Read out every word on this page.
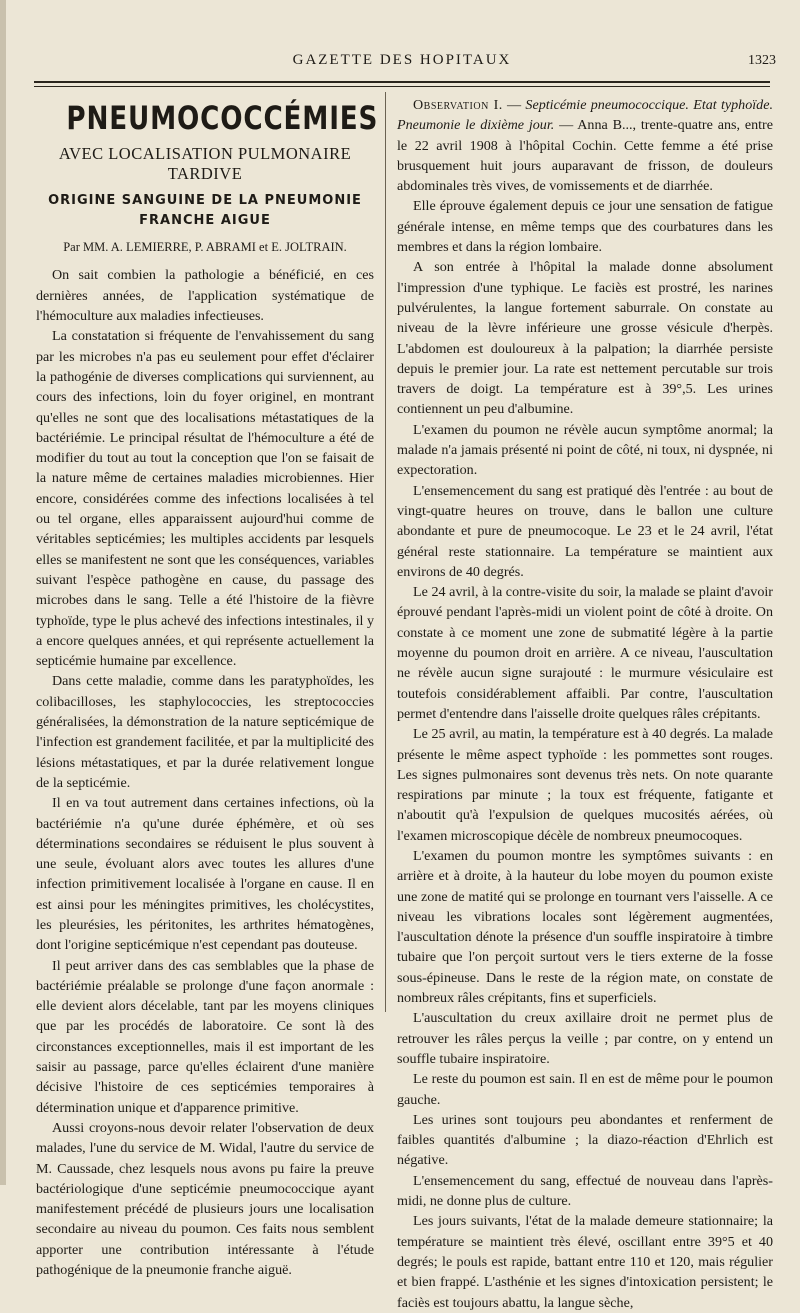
GAZETTE DES HOPITAUX	1323
PNEUMOCOCCÉMIES
AVEC LOCALISATION PULMONAIRE TARDIVE
ORIGINE SANGUINE DE LA PNEUMONIE FRANCHE AIGUE
Par MM. A. LEMIERRE, P. ABRAMI et E. JOLTRAIN.

On sait combien la pathologie a bénéficié, en ces dernières années, de l'application systématique de l'hémoculture aux maladies infectieuses.

La constatation si fréquente de l'envahissement du sang par les microbes n'a pas eu seulement pour effet d'éclairer la pathogénie de diverses complications qui surviennent, au cours des infections, loin du foyer originel, en montrant qu'elles ne sont que des localisations métastatiques de la bactériémie. Le principal résultat de l'hémoculture a été de modifier du tout au tout la conception que l'on se faisait de la nature même de certaines maladies microbiennes. Hier encore, considérées comme des infections localisées à tel ou tel organe, elles apparaissent aujourd'hui comme de véritables septicémies; les multiples accidents par lesquels elles se manifestent ne sont que les conséquences, variables suivant l'espèce pathogène en cause, du passage des microbes dans le sang. Telle a été l'histoire de la fièvre typhoïde, type le plus achevé des infections intestinales, il y a encore quelques années, et qui représente actuellement la septicémie humaine par excellence.

Dans cette maladie, comme dans les paratyphoïdes, les colibacilloses, les staphylococcies, les streptococcies généralisées, la démonstration de la nature septicémique de l'infection est grandement facilitée, et par la multiplicité des lésions métastatiques, et par la durée relativement longue de la septicémie.

Il en va tout autrement dans certaines infections, où la bactériémie n'a qu'une durée éphémère, et où ses déterminations secondaires se réduisent le plus souvent à une seule, évoluant alors avec toutes les allures d'une infection primitivement localisée à l'organe en cause. Il en est ainsi pour les méningites primitives, les cholécystites, les pleurésies, les péritonites, les arthrites hématogènes, dont l'origine septicémique n'est cependant pas douteuse.

Il peut arriver dans des cas semblables que la phase de bactériémie préalable se prolonge d'une façon anormale : elle devient alors décelable, tant par les moyens cliniques que par les procédés de laboratoire. Ce sont là des circonstances exceptionnelles, mais il est important de les saisir au passage, parce qu'elles éclairent d'une manière décisive l'histoire de ces septicémies temporaires à détermination unique et d'apparence primitive.

Aussi croyons-nous devoir relater l'observation de deux malades, l'une du service de M. Widal, l'autre du service de M. Caussade, chez lesquels nous avons pu faire la preuve bactériologique d'une septicémie pneumococcique ayant manifestement précédé de plusieurs jours une localisation secondaire au niveau du poumon. Ces faits nous semblent apporter une contribution intéressante à l'étude pathogénique de la pneumonie franche aiguë.

Observation I. — Septicémie pneumococcique. Etat typhoïde. Pneumonie le dixième jour. — Anna B..., trente-quatre ans, entre le 22 avril 1908 à l'hôpital Cochin. Cette femme a été prise brusquement huit jours auparavant de frisson, de douleurs abdominales très vives, de vomissements et de diarrhée.

Elle éprouve également depuis ce jour une sensation de fatigue générale intense, en même temps que des courbatures dans les membres et dans la région lombaire.

A son entrée à l'hôpital la malade donne absolument l'impression d'une typhique. Le faciès est prostré, les narines pulvérulentes, la langue fortement saburrale. On constate au niveau de la lèvre inférieure une grosse vésicule d'herpès. L'abdomen est douloureux à la palpation; la diarrhée persiste depuis le premier jour. La rate est nettement percutable sur trois travers de doigt. La température est à 39°,5. Les urines contiennent un peu d'albumine.

L'examen du poumon ne révèle aucun symptôme anormal; la malade n'a jamais présenté ni point de côté, ni toux, ni dyspnée, ni expectoration.

L'ensemencement du sang est pratiqué dès l'entrée : au bout de vingt-quatre heures on trouve, dans le ballon une culture abondante et pure de pneumocoque. Le 23 et le 24 avril, l'état général reste stationnaire. La température se maintient aux environs de 40 degrés.

Le 24 avril, à la contre-visite du soir, la malade se plaint d'avoir éprouvé pendant l'après-midi un violent point de côté à droite. On constate à ce moment une zone de submatité légère à la partie moyenne du poumon droit en arrière. A ce niveau, l'auscultation ne révèle aucun signe surajouté : le murmure vésiculaire est toutefois considérablement affaibli. Par contre, l'auscultation permet d'entendre dans l'aisselle droite quelques râles crépitants.

Le 25 avril, au matin, la température est à 40 degrés. La malade présente le même aspect typhoïde : les pommettes sont rouges. Les signes pulmonaires sont devenus très nets. On note quarante respirations par minute ; la toux est fréquente, fatigante et n'aboutit qu'à l'expulsion de quelques mucosités aérées, où l'examen microscopique décèle de nombreux pneumocoques.

L'examen du poumon montre les symptômes suivants : en arrière et à droite, à la hauteur du lobe moyen du poumon existe une zone de matité qui se prolonge en tournant vers l'aisselle. A ce niveau les vibrations locales sont légèrement augmentées, l'auscultation dénote la présence d'un souffle inspiratoire à timbre tubaire que l'on perçoit surtout vers le tiers externe de la fosse sous-épineuse. Dans le reste de la région mate, on constate de nombreux râles crépitants, fins et superficiels.

L'auscultation du creux axillaire droit ne permet plus de retrouver les râles perçus la veille ; par contre, on y entend un souffle tubaire inspiratoire.

Le reste du poumon est sain. Il en est de même pour le poumon gauche.

Les urines sont toujours peu abondantes et renferment de faibles quantités d'albumine ; la diazo-réaction d'Ehrlich est négative.

L'ensemencement du sang, effectué de nouveau dans l'après-midi, ne donne plus de culture.

Les jours suivants, l'état de la malade demeure stationnaire; la température se maintient très élevé, oscillant entre 39°5 et 40 degrés; le pouls est rapide, battant entre 110 et 120, mais régulier et bien frappé. L'asthénie et les signes d'intoxication persistent; le faciès est toujours abattu, la langue sèche,
